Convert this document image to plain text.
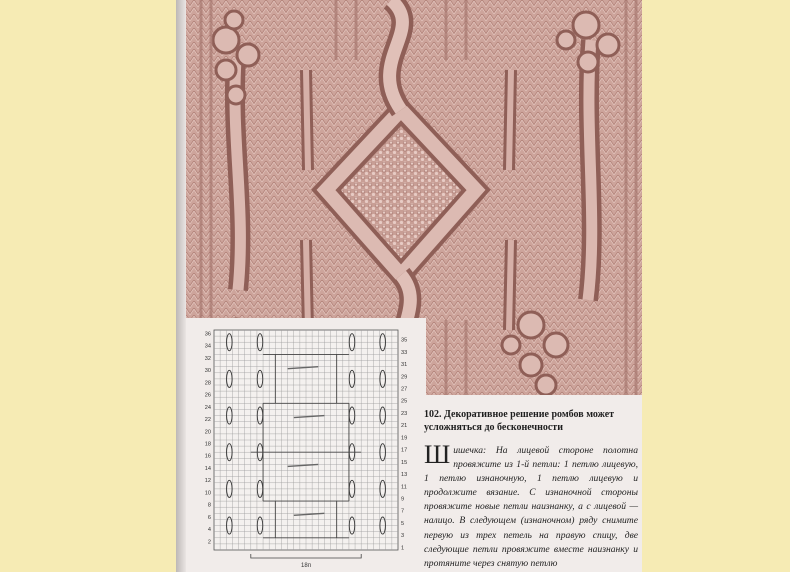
36
34
32
30
28
26
24
22
20
18
16
14
12
10
8
6
4
2
35
33
31
29
27
25
23
21
19
17
15
13
11
9
7
5
3
1
18п

102. Декоративное решение ромбов может усложняться до бесконечности

Шишечка: На лицевой стороне полотна провяжите из 1-й петли: 1 петлю лицевую, 1 петлю изнаночную, 1 петлю лицевую и продолжите вязание. С изнаночной стороны провяжите новые петли наизнанку, а с лицевой — налицо. В следующем (изнаночном) ряду снимите первую из трех петель на правую спицу, две следующие петли провяжите вместе наизнанку и протяните через снятую петлю
